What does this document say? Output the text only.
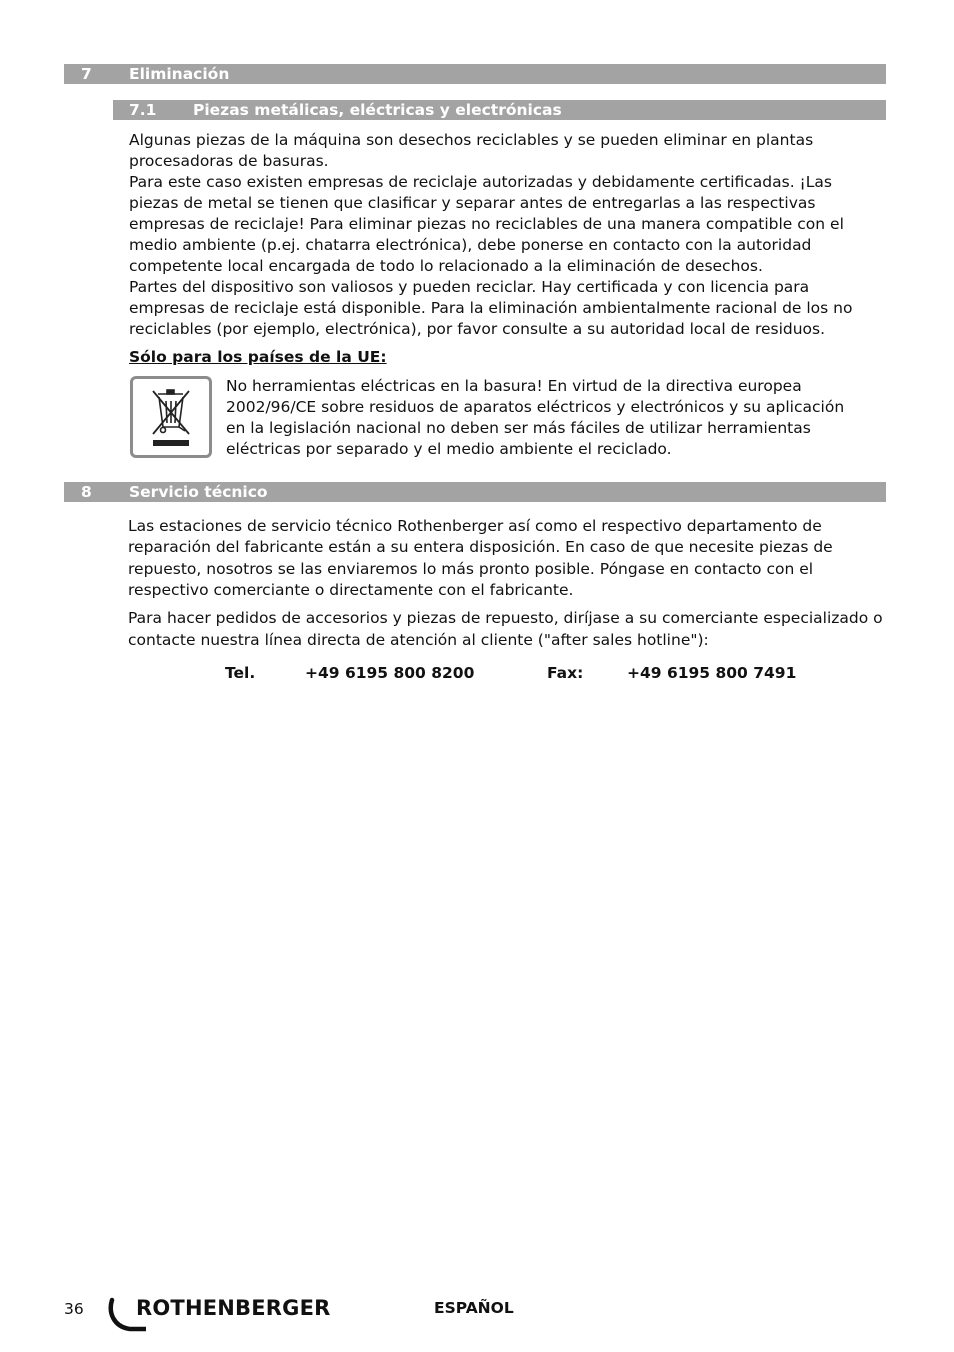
7 Eliminación
7.1 Piezas metálicas, eléctricas y electrónicas
Algunas piezas de la máquina son desechos reciclables y se pueden eliminar en plantas
procesadoras de basuras.
Para este caso existen empresas de reciclaje autorizadas y debidamente certificadas. ¡Las
piezas de metal se tienen que clasificar y separar antes de entregarlas a las respectivas
empresas de reciclaje! Para eliminar piezas no reciclables de una manera compatible con el
medio ambiente (p.ej. chatarra electrónica), debe ponerse en contacto con la autoridad
competente local encargada de todo lo relacionado a la eliminación de desechos.
Partes del dispositivo son valiosos y pueden reciclar. Hay certificada y con licencia para
empresas de reciclaje está disponible. Para la eliminación ambientalmente racional de los no
reciclables (por ejemplo, electrónica), por favor consulte a su autoridad local de residuos.
Sólo para los países de la UE:
No herramientas eléctricas en la basura! En virtud de la directiva europea
2002/96/CE sobre residuos de aparatos eléctricos y electrónicos y su aplicación
en la legislación nacional no deben ser más fáciles de utilizar herramientas
eléctricas por separado y el medio ambiente el reciclado.
8 Servicio técnico
Las estaciones de servicio técnico Rothenberger así como el respectivo departamento de
reparación del fabricante están a su entera disposición. En caso de que necesite piezas de
repuesto, nosotros se las enviaremos lo más pronto posible. Póngase en contacto con el
respectivo comerciante o directamente con el fabricante.
Para hacer pedidos de accesorios y piezas de repuesto, diríjase a su comerciante especializado o
contacte nuestra línea directa de atención al cliente ("after sales hotline"):
Tel.	+49 6195 800 8200	Fax:	+49 6195 800 7491
36 ROTHENBERGER	ESPAÑOL
